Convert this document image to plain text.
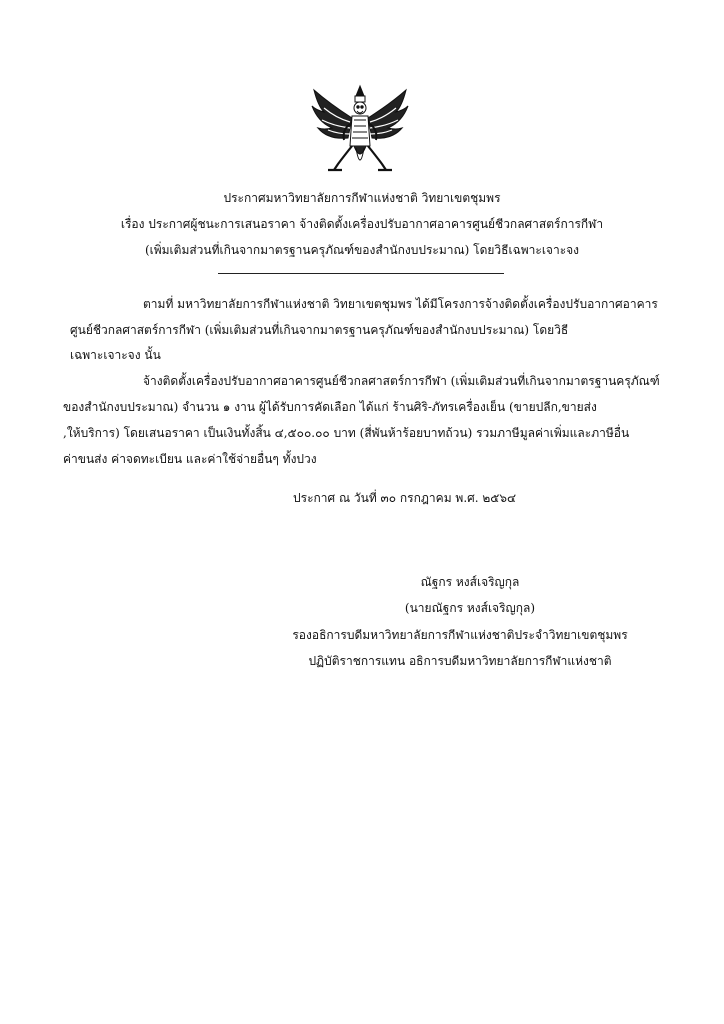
ประกาศมหาวิทยาลัยการกีฬาแห่งชาติ วิทยาเขตชุมพร
เรื่อง ประกาศผู้ชนะการเสนอราคา จ้างติดตั้งเครื่องปรับอากาศอาคารศูนย์ชีวกลศาสตร์การกีฬา
(เพิ่มเติมส่วนที่เกินจากมาตรฐานครุภัณฑ์ของสำนักงบประมาณ) โดยวิธีเฉพาะเจาะจง
ตามที่ มหาวิทยาลัยการกีฬาแห่งชาติ วิทยาเขตชุมพร ได้มีโครงการจ้างติดตั้งเครื่องปรับอากาศอาคาร
ศูนย์ชีวกลศาสตร์การกีฬา (เพิ่มเติมส่วนที่เกินจากมาตรฐานครุภัณฑ์ของสำนักงบประมาณ) โดยวิธี
เฉพาะเจาะจง นั้น
จ้างติดตั้งเครื่องปรับอากาศอาคารศูนย์ชีวกลศาสตร์การกีฬา (เพิ่มเติมส่วนที่เกินจากมาตรฐานครุภัณฑ์
ของสำนักงบประมาณ) จำนวน ๑ งาน ผู้ได้รับการคัดเลือก ได้แก่ ร้านศิริ-ภัทรเครื่องเย็น (ขายปลีก,ขายส่ง
,ให้บริการ) โดยเสนอราคา เป็นเงินทั้งสิ้น ๔,๕๐๐.๐๐ บาท (สี่พันห้าร้อยบาทถ้วน) รวมภาษีมูลค่าเพิ่มและภาษีอื่น
ค่าขนส่ง ค่าจดทะเบียน และค่าใช้จ่ายอื่นๆ ทั้งปวง
ประกาศ ณ วันที่ ๓๐ กรกฎาคม พ.ศ. ๒๕๖๔
ณัฐกร หงส์เจริญกุล
(นายณัฐกร หงส์เจริญกุล)
รองอธิการบดีมหาวิทยาลัยการกีฬาแห่งชาติประจำวิทยาเขตชุมพร
ปฏิบัติราชการแทน อธิการบดีมหาวิทยาลัยการกีฬาแห่งชาติ
